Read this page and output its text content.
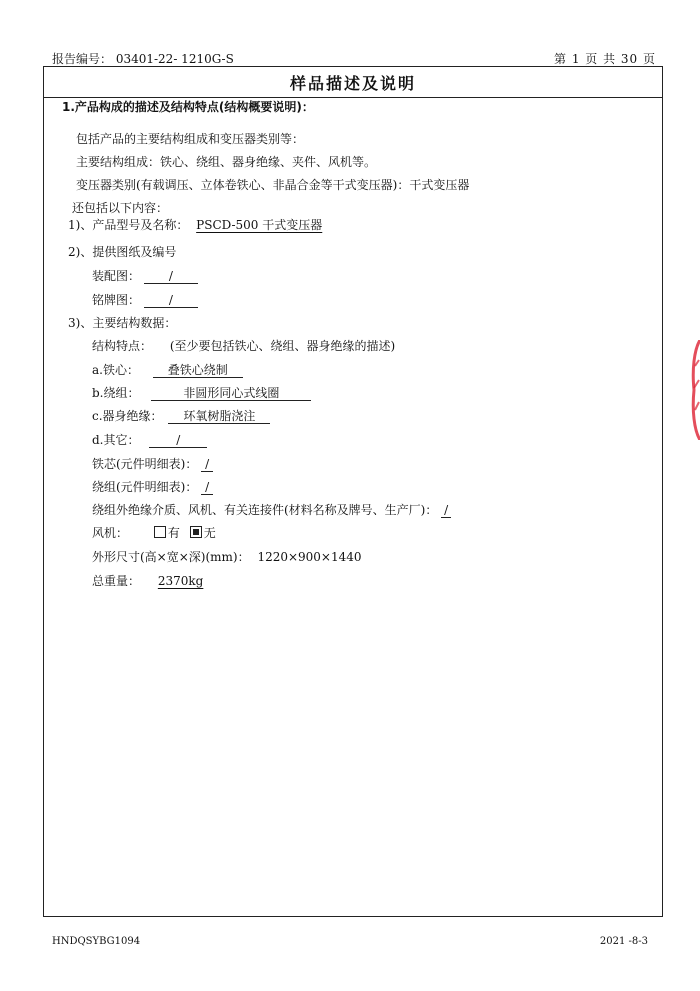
报告编号： 03401-22- 1210G-S	第 1 页 共 30 页
样品描述及说明
1.产品构成的描述及结构特点(结构概要说明)：
包括产品的主要结构组成和变压器类别等：
主要结构组成：铁心、绕组、器身绝缘、夹件、风机等。
变压器类别(有载调压、立体卷铁心、非晶合金等干式变压器)：干式变压器
还包括以下内容：
1)、产品型号及名称： PSCD-500 干式变压器
2)、提供图纸及编号
装配图： /
铭牌图： /
3)、主要结构数据：
结构特点： (至少要包括铁心、绕组、器身绝缘的描述)
a.铁心： 叠铁心绕制
b.绕组：	非圆形同心式线圈
c.器身绝缘： 环氧树脂浇注
d.其它：	/
铁芯(元件明细表)： /
绕组(元件明细表)： /
绕组外绝缘介质、风机、有关连接件(材料名称及牌号、生产厂)： /
风机：	有 无
外形尺寸(高×宽×深)(mm)： 1220×900×1440
总重量： 2370kg
HNDQSYBG1094	2021 -8-3
